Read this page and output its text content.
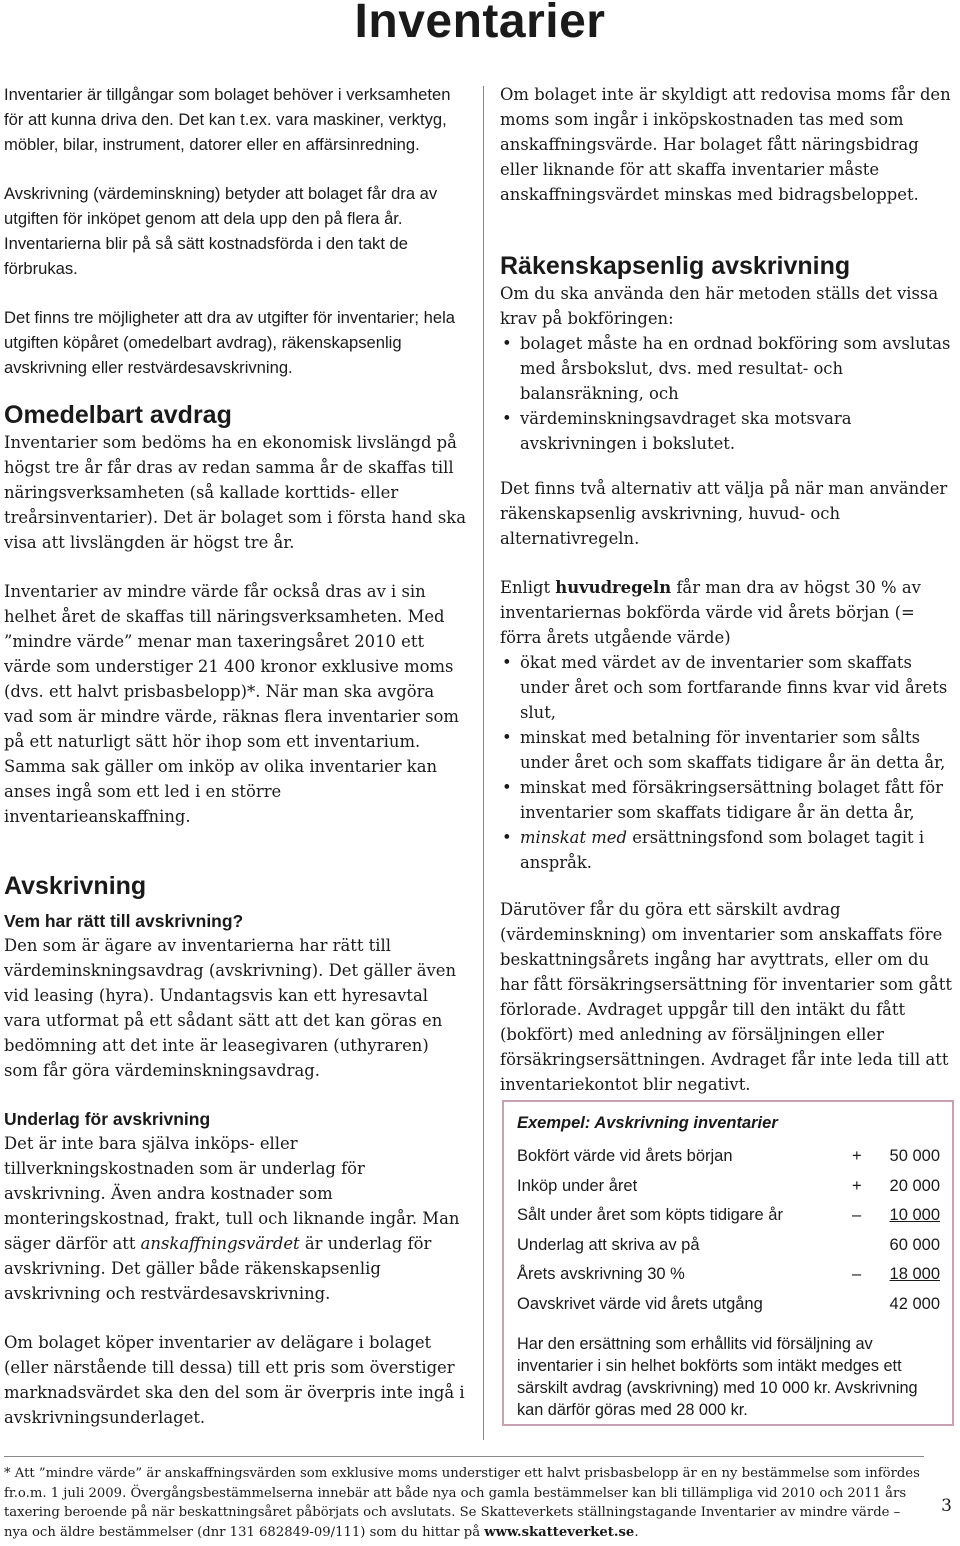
Inventarier

Inventarier är tillgångar som bolaget behöver i verksamheten för att kunna driva den. Det kan t.ex. vara maskiner, verktyg, möbler, bilar, instrument, datorer eller en affärsinredning.

Avskrivning (värdeminskning) betyder att bolaget får dra av utgiften för inköpet genom att dela upp den på flera år. Inventarierna blir på så sätt kostnadsförda i den takt de förbrukas.

Det finns tre möjligheter att dra av utgifter för inventarier; hela utgiften köpåret (omedelbart avdrag), räkenskapsenlig avskrivning eller restvärdesavskrivning.

Omedelbart avdrag

Inventarier som bedöms ha en ekonomisk livslängd på högst tre år får dras av redan samma år de skaffas till näringsverksamheten (så kallade korttids- eller treårsinventarier). Det är bolaget som i första hand ska visa att livslängden är högst tre år.

Inventarier av mindre värde får också dras av i sin helhet året de skaffas till näringsverksamheten. Med ”mindre värde” menar man taxeringsåret 2010 ett värde som understiger 21 400 kronor exklusive moms (dvs. ett halvt prisbasbelopp)*. När man ska avgöra vad som är mindre värde, räknas flera inventarier som på ett naturligt sätt hör ihop som ett inventarium. Samma sak gäller om inköp av olika inventarier kan anses ingå som ett led i en större inventarieanskaffning.

Avskrivning
Vem har rätt till avskrivning?

Den som är ägare av inventarierna har rätt till värdeminskningsavdrag (avskrivning). Det gäller även vid leasing (hyra). Undantagsvis kan ett hyresavtal vara utformat på ett sådant sätt att det kan göras en bedömning att det inte är leasegivaren (uthyraren) som får göra värdeminskningsavdrag.

Underlag för avskrivning

Det är inte bara själva inköps- eller tillverkningskostnaden som är underlag för avskrivning. Även andra kostnader som monteringskostnad, frakt, tull och liknande ingår. Man säger därför att anskaffningsvärdet är underlag för avskrivning. Det gäller både räkenskapsenlig avskrivning och restvärdesavskrivning.

Om bolaget köper inventarier av delägare i bolaget (eller närstående till dessa) till ett pris som överstiger marknadsvärdet ska den del som är överpris inte ingå i avskrivningsunderlaget.

Om bolaget inte är skyldigt att redovisa moms får den moms som ingår i inköpskostnaden tas med som anskaffningsvärde. Har bolaget fått näringsbidrag eller liknande för att skaffa inventarier måste anskaffningsvärdet minskas med bidragsbeloppet.

Räkenskapsenlig avskrivning

Om du ska använda den här metoden ställs det vissa krav på bokföringen:

• bolaget måste ha en ordnad bokföring som avslutas med årsbokslut, dvs. med resultat- och balansräkning, och
• värdeminskningsavdraget ska motsvara avskrivningen i bokslutet.

Det finns två alternativ att välja på när man använder räkenskapsenlig avskrivning, huvud- och alternativregeln.

Enligt huvudregeln får man dra av högst 30 % av inventariernas bokförda värde vid årets början (= förra årets utgående värde)

• ökat med värdet av de inventarier som skaffats under året och som fortfarande finns kvar vid årets slut,
• minskat med betalning för inventarier som sålts under året och som skaffats tidigare år än detta år,
• minskat med försäkringsersättning bolaget fått för inventarier som skaffats tidigare år än detta år,
• minskat med ersättningsfond som bolaget tagit i anspråk.

Därutöver får du göra ett särskilt avdrag (värdeminskning) om inventarier som anskaffats före beskattningsårets ingång har avyttrats, eller om du har fått försäkringsersättning för inventarier som gått förlorade. Avdraget uppgår till den intäkt du fått (bokfört) med anledning av försäljningen eller försäkringsersättningen. Avdraget får inte leda till att inventariekontot blir negativt.

Exempel: Avskrivning inventarier
Bokfört värde vid årets början	+	50 000
Inköp under året	+	20 000
Sålt under året som köpts tidigare år	–	10 000
Underlag att skriva av på	60 000
Årets avskrivning 30 %	–	18 000
Oavskrivet värde vid årets utgång	42 000
Har den ersättning som erhållits vid försäljning av inventarier i sin helhet bokförts som intäkt medges ett särskilt avdrag (avskrivning) med 10 000 kr. Avskrivning kan därför göras med 28 000 kr.
* Att ”mindre värde” är anskaffningsvärden som exklusive moms understiger ett halvt prisbasbelopp är en ny bestämmelse som infördes fr.o.m. 1 juli 2009. Övergångsbestämmelserna innebär att både nya och gamla bestämmelser kan bli tillämpliga vid 2010 och 2011 års taxering beroende på när beskattningsåret påbörjats och avslutats. Se Skatteverkets ställningstagande Inventarier av mindre värde – nya och äldre bestämmelser (dnr 131 682849-09/111) som du hittar på www.skatteverket.se.
3
